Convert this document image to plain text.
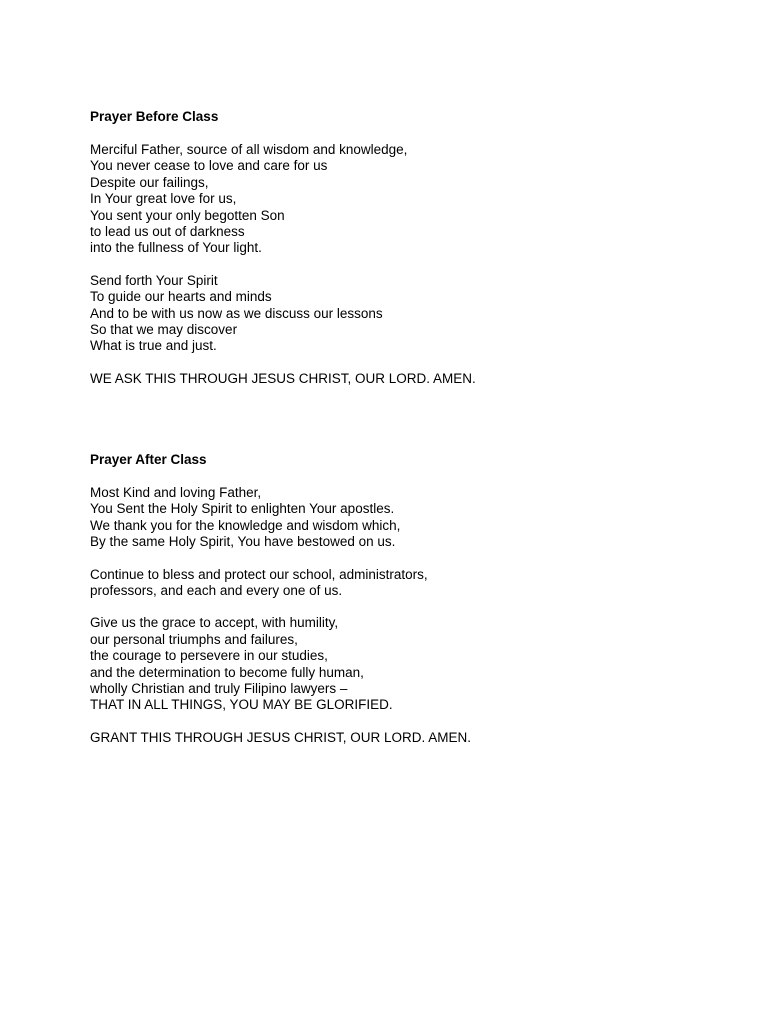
Prayer Before Class
Merciful Father, source of all wisdom and knowledge,
You never cease to love and care for us
Despite our failings,
In Your great love for us,
You sent your only begotten Son
to lead us out of darkness
into the fullness of Your light.
Send forth Your Spirit
To guide our hearts and minds
And to be with us now as we discuss our lessons
So that we may discover
What is true and just.
WE ASK THIS THROUGH JESUS CHRIST, OUR LORD. AMEN.
Prayer After Class
Most Kind and loving Father,
You Sent the Holy Spirit to enlighten Your apostles.
We thank you for the knowledge and wisdom which,
By the same Holy Spirit, You have bestowed on us.
Continue to bless and protect our school, administrators,
professors, and each and every one of us.
Give us the grace to accept, with humility,
our personal triumphs and failures,
the courage to persevere in our studies,
and the determination to become fully human,
wholly Christian and truly Filipino lawyers –
THAT IN ALL THINGS, YOU MAY BE GLORIFIED.
GRANT THIS THROUGH JESUS CHRIST, OUR LORD. AMEN.
